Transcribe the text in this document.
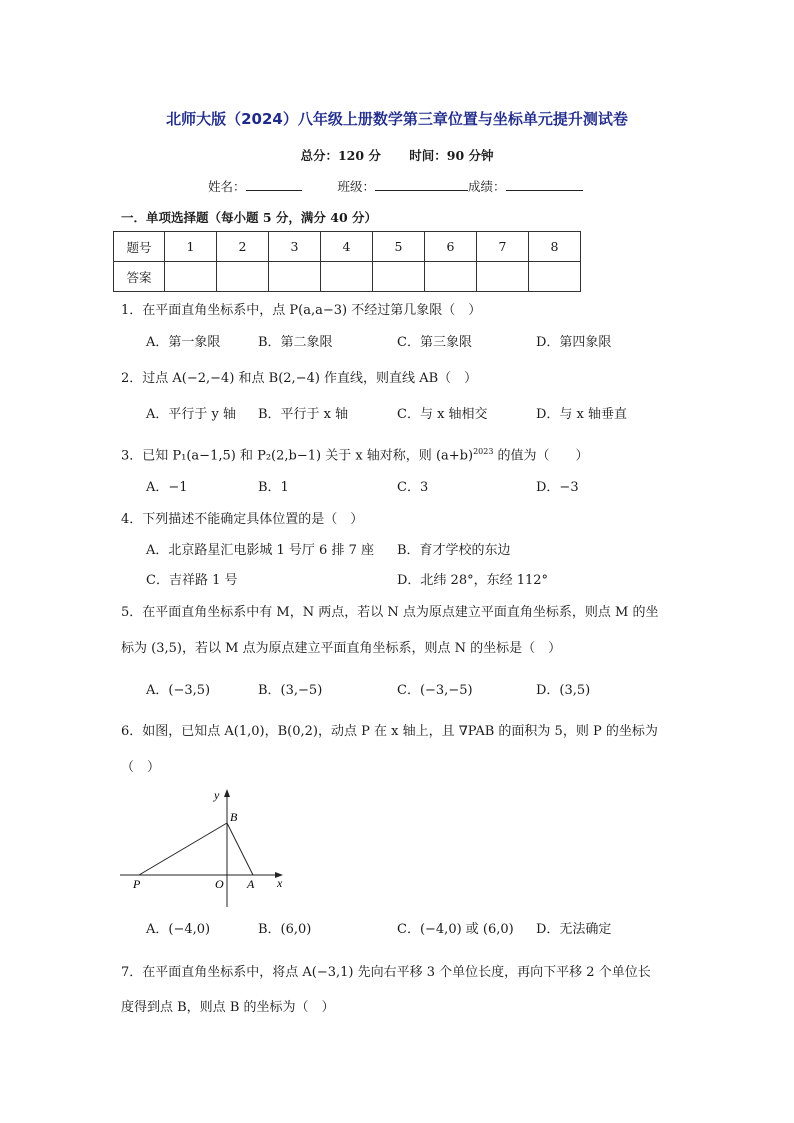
北师大版（2024）八年级上册数学第三章位置与坐标单元提升测试卷
总分：120 分 时间：90 分钟
姓名：	班级：	成绩：
一．单项选择题（每小题 5 分，满分 40 分）
题号	1	2	3	4	5	6	7	8
答案								
1．在平面直角坐标系中，点 P(a,a−3) 不经过第几象限（　）
A．第一象限	B．第二象限	C．第三象限	D．第四象限
2．过点 A(−2,−4) 和点 B(2,−4) 作直线，则直线 AB（　）
A．平行于 y 轴 B．平行于 x 轴	C．与 x 轴相交	D．与 x 轴垂直
3．已知 P₁(a−1,5) 和 P₂(2,b−1) 关于 x 轴对称，则 $(a+b)^{2023}$ 的值为（　　）
A．−1	B．1	C．3	D．−3
4．下列描述不能确定具体位置的是（　）
A．北京路星汇电影城 1 号厅 6 排 7 座 B．育才学校的东边
C．吉祥路 1 号	D．北纬 28°，东经 112°
5．在平面直角坐标系中有 M，N 两点，若以 N 点为原点建立平面直角坐标系，则点 M 的坐
标为 (3,5)，若以 M 点为原点建立平面直角坐标系，则点 N 的坐标是（　）
A．(−3,5)	B．(3,−5)	C．(−3,−5)	D．(3,5)
6．如图，已知点 A(1,0)，B(0,2)，动点 P 在 x 轴上，且 ∇PAB 的面积为 5，则 P 的坐标为
（　）
y
x
B
P	O A
A．(−4,0)	B．(6,0)	C．(−4,0) 或 (6,0) D．无法确定
7．在平面直角坐标系中，将点 A(−3,1) 先向右平移 3 个单位长度，再向下平移 2 个单位长
度得到点 B，则点 B 的坐标为（　）
